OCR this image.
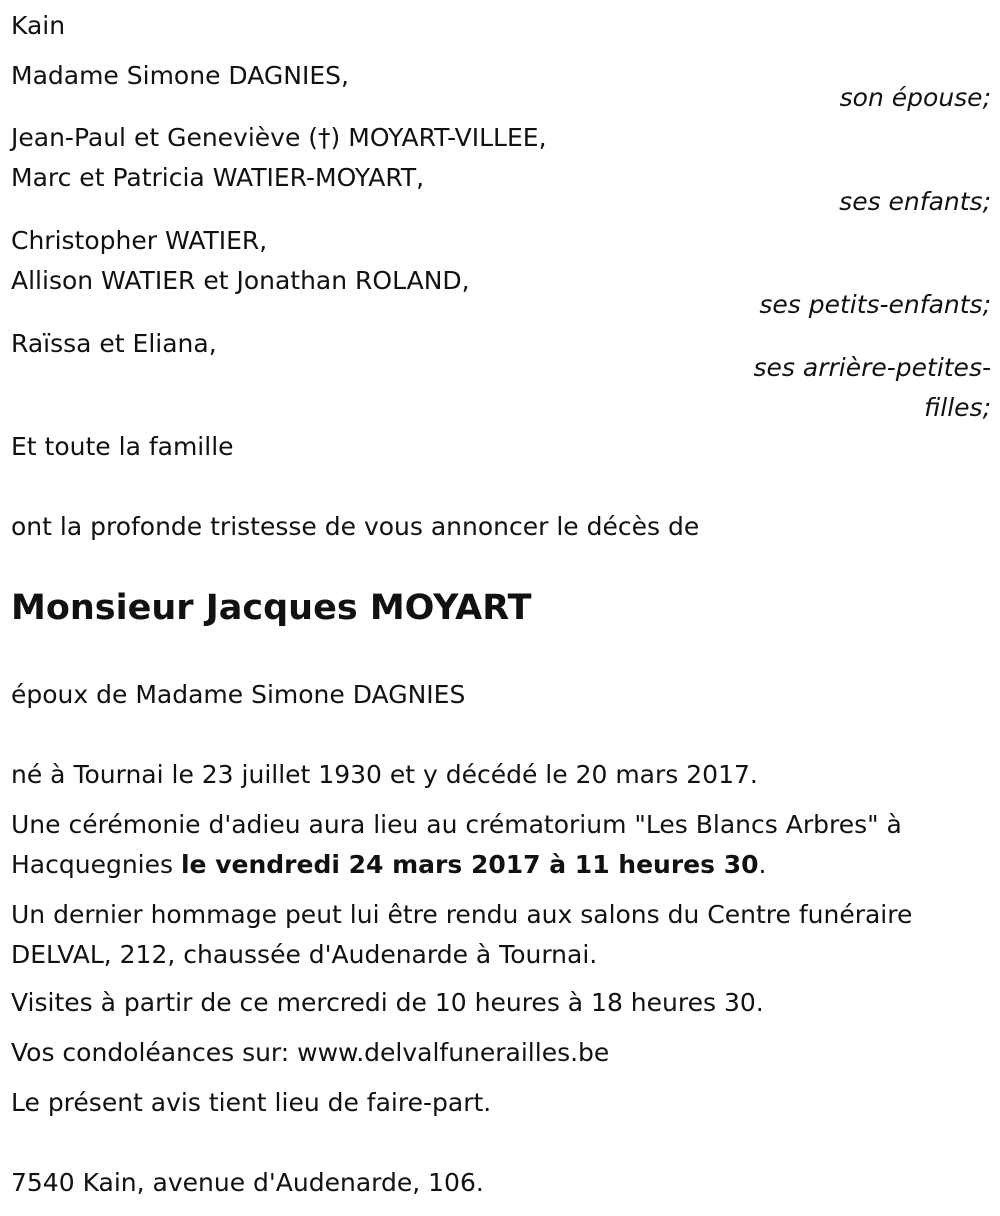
Kain

Madame Simone DAGNIES,

son épouse;

Jean-Paul et Geneviève (†) MOYART-VILLEE,

Marc et Patricia WATIER-MOYART,

ses enfants;

Christopher WATIER,

Allison WATIER et Jonathan ROLAND,

ses petits-enfants;

Raïssa et Eliana,

ses arrière-petites-filles;

Et toute la famille

ont la profonde tristesse de vous annoncer le décès de

Monsieur Jacques MOYART

époux de Madame Simone DAGNIES

né à Tournai le 23 juillet 1930 et y décédé le 20 mars 2017.

Une cérémonie d'adieu aura lieu au crématorium "Les Blancs Arbres" à Hacquegnies le vendredi 24 mars 2017 à 11 heures 30.

Un dernier hommage peut lui être rendu aux salons du Centre funéraire DELVAL, 212, chaussée d'Audenarde à Tournai.

Visites à partir de ce mercredi de 10 heures à 18 heures 30.

Vos condoléances sur: www.delvalfunerailles.be

Le présent avis tient lieu de faire-part.

7540 Kain, avenue d'Audenarde, 106.
